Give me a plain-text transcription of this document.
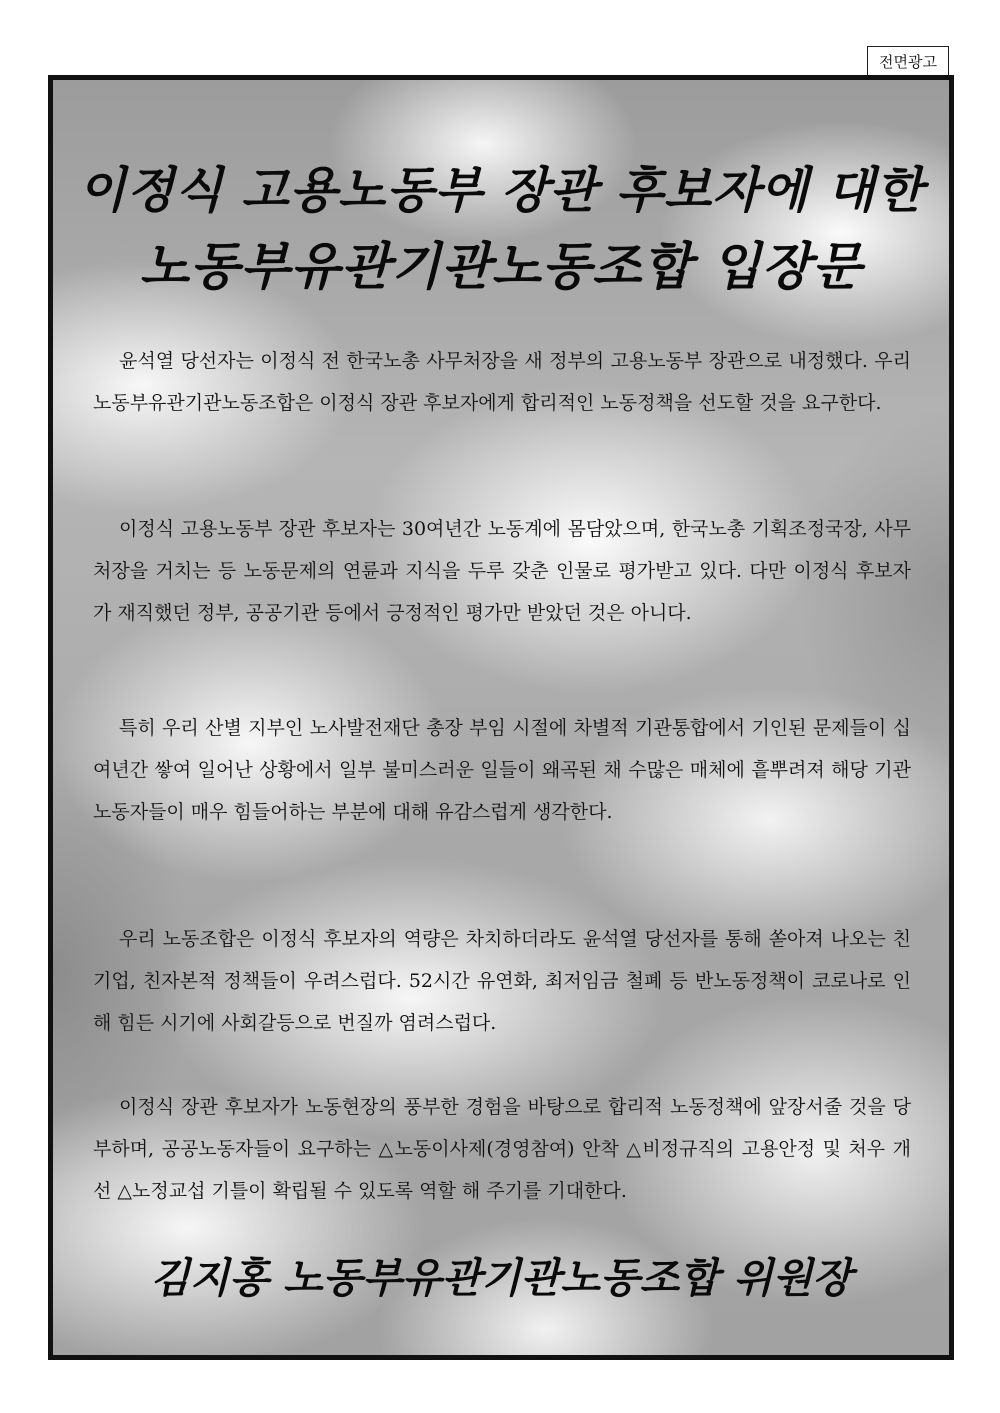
전면광고
이정식 고용노동부 장관 후보자에 대한
노동부유관기관노동조합 입장문

윤석열 당선자는 이정식 전 한국노총 사무처장을 새 정부의 고용노동부 장관으로 내정했다. 우리 노동부유관기관노동조합은 이정식 장관 후보자에게 합리적인 노동정책을 선도할 것을 요구한다.

이정식 고용노동부 장관 후보자는 30여년간 노동계에 몸담았으며, 한국노총 기획조정국장, 사무처장을 거치는 등 노동문제의 연륜과 지식을 두루 갖춘 인물로 평가받고 있다. 다만 이정식 후보자가 재직했던 정부, 공공기관 등에서 긍정적인 평가만 받았던 것은 아니다.

특히 우리 산별 지부인 노사발전재단 총장 부임 시절에 차별적 기관통합에서 기인된 문제들이 십여년간 쌓여 일어난 상황에서 일부 불미스러운 일들이 왜곡된 채 수많은 매체에 흩뿌려져 해당 기관 노동자들이 매우 힘들어하는 부분에 대해 유감스럽게 생각한다.

우리 노동조합은 이정식 후보자의 역량은 차치하더라도 윤석열 당선자를 통해 쏟아져 나오는 친기업, 친자본적 정책들이 우려스럽다. 52시간 유연화, 최저임금 철폐 등 반노동정책이 코로나로 인해 힘든 시기에 사회갈등으로 번질까 염려스럽다.

이정식 장관 후보자가 노동현장의 풍부한 경험을 바탕으로 합리적 노동정책에 앞장서줄 것을 당부하며, 공공노동자들이 요구하는 △노동이사제(경영참여) 안착 △비정규직의 고용안정 및 처우 개선 △노정교섭 기틀이 확립될 수 있도록 역할 해 주기를 기대한다.

김지홍 노동부유관기관노동조합 위원장
